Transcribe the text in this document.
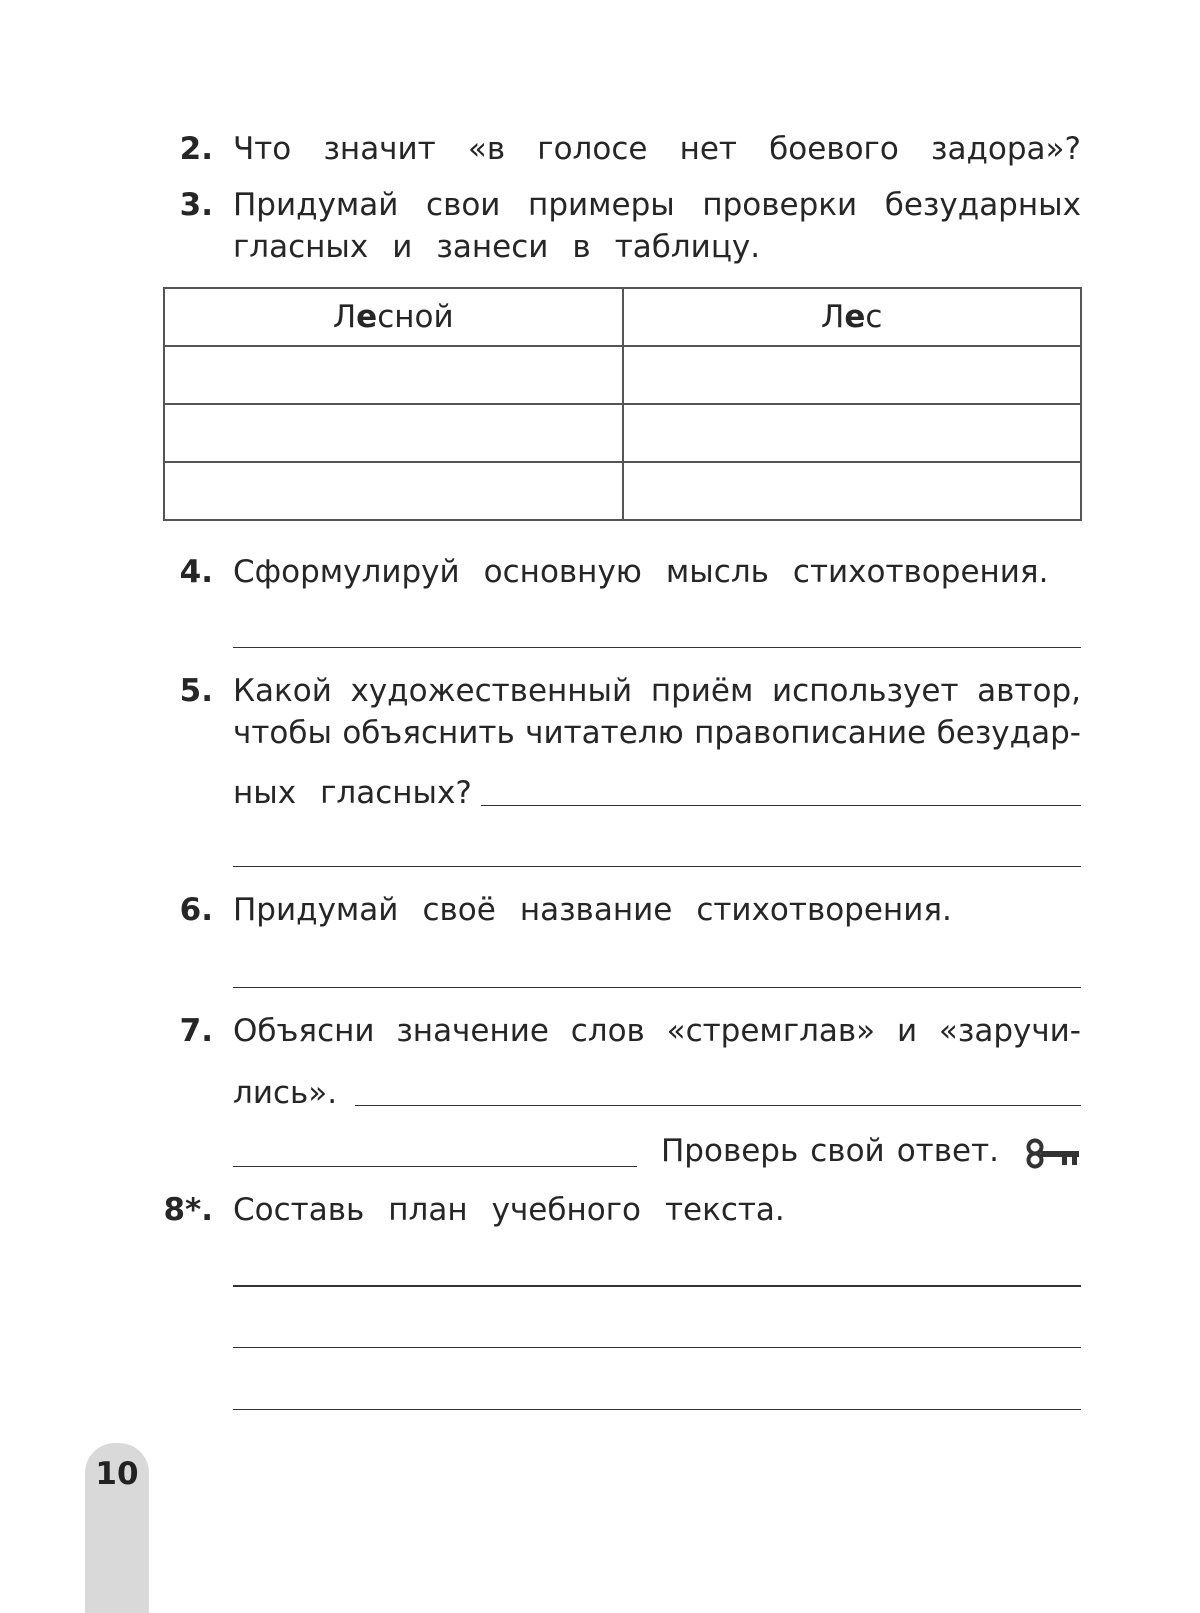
2. Что значит «в голосе нет боевого задора»?
3. Придумай свои примеры проверки безударных
гласных и занеси в таблицу.
Лесной	Лес

4. Сформулируй основную мысль стихотворения.
5. Какой художественный приём использует автор,
чтобы объяснить читателю правописание безудар-
ных гласных?
6. Придумай своё название стихотворения.
7. Объясни значение слов «стремглав» и «заручи-
лись».
Проверь свой ответ.
8*. Составь план учебного текста.
10
